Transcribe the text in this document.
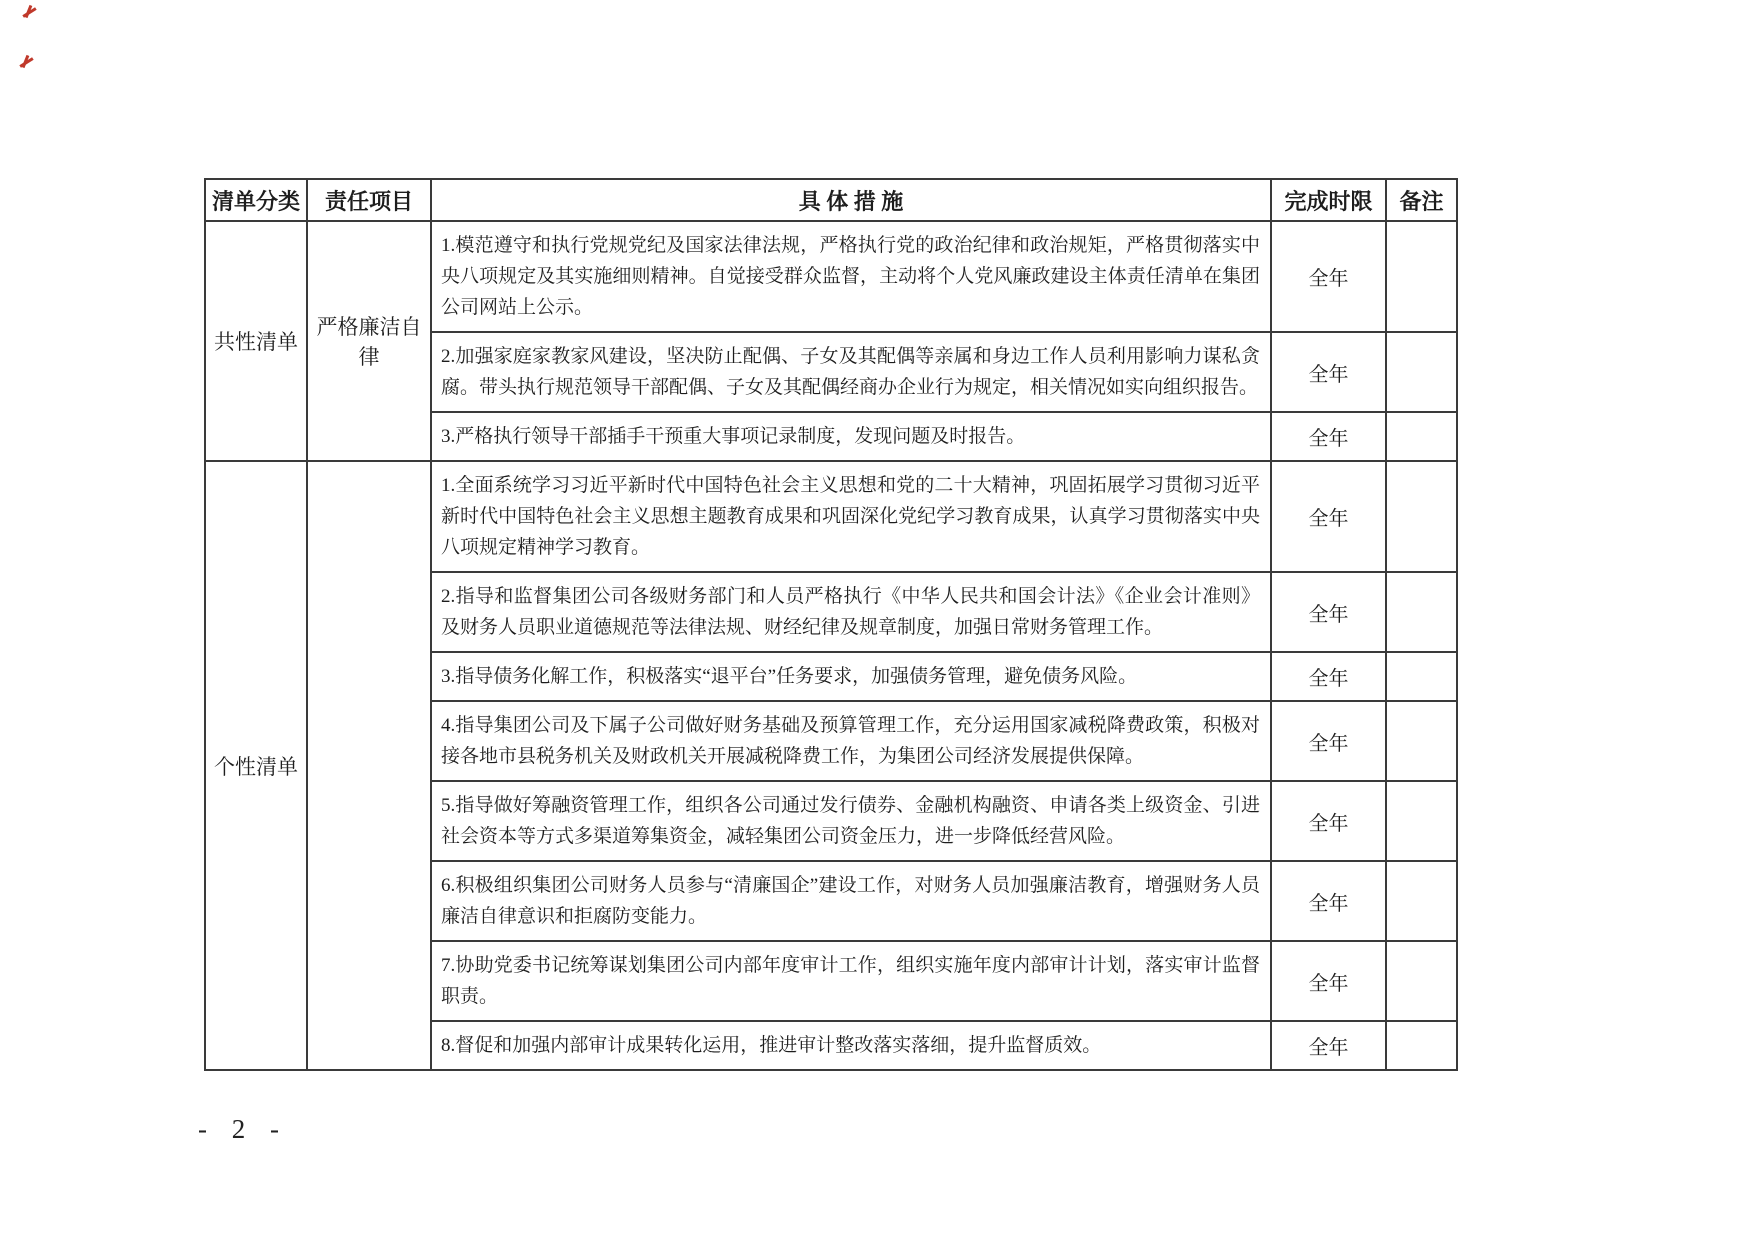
清单分类	责任项目	具 体 措 施	完成时限	备注
共性清单	严格廉洁自律	1.模范遵守和执行党规党纪及国家法律法规，严格执行党的政治纪律和政治规矩，严格贯彻落实中央八项规定及其实施细则精神。自觉接受群众监督，主动将个人党风廉政建设主体责任清单在集团公司网站上公示。	全年	
		2.加强家庭家教家风建设，坚决防止配偶、子女及其配偶等亲属和身边工作人员利用影响力谋私贪腐。带头执行规范领导干部配偶、子女及其配偶经商办企业行为规定，相关情况如实向组织报告。	全年	
		3.严格执行领导干部插手干预重大事项记录制度，发现问题及时报告。	全年	
个性清单		1.全面系统学习习近平新时代中国特色社会主义思想和党的二十大精神，巩固拓展学习贯彻习近平新时代中国特色社会主义思想主题教育成果和巩固深化党纪学习教育成果，认真学习贯彻落实中央八项规定精神学习教育。	全年	
		2.指导和监督集团公司各级财务部门和人员严格执行《中华人民共和国会计法》《企业会计准则》及财务人员职业道德规范等法律法规、财经纪律及规章制度，加强日常财务管理工作。	全年	
		3.指导债务化解工作，积极落实“退平台”任务要求，加强债务管理，避免债务风险。	全年	
		4.指导集团公司及下属子公司做好财务基础及预算管理工作，充分运用国家减税降费政策，积极对接各地市县税务机关及财政机关开展减税降费工作，为集团公司经济发展提供保障。	全年	
		5.指导做好筹融资管理工作，组织各公司通过发行债券、金融机构融资、申请各类上级资金、引进社会资本等方式多渠道筹集资金，减轻集团公司资金压力，进一步降低经营风险。	全年	
		6.积极组织集团公司财务人员参与“清廉国企”建设工作，对财务人员加强廉洁教育，增强财务人员廉洁自律意识和拒腐防变能力。	全年	
		7.协助党委书记统筹谋划集团公司内部年度审计工作，组织实施年度内部审计计划，落实审计监督职责。	全年	
		8.督促和加强内部审计成果转化运用，推进审计整改落实落细，提升监督质效。	全年	
- 2 -
